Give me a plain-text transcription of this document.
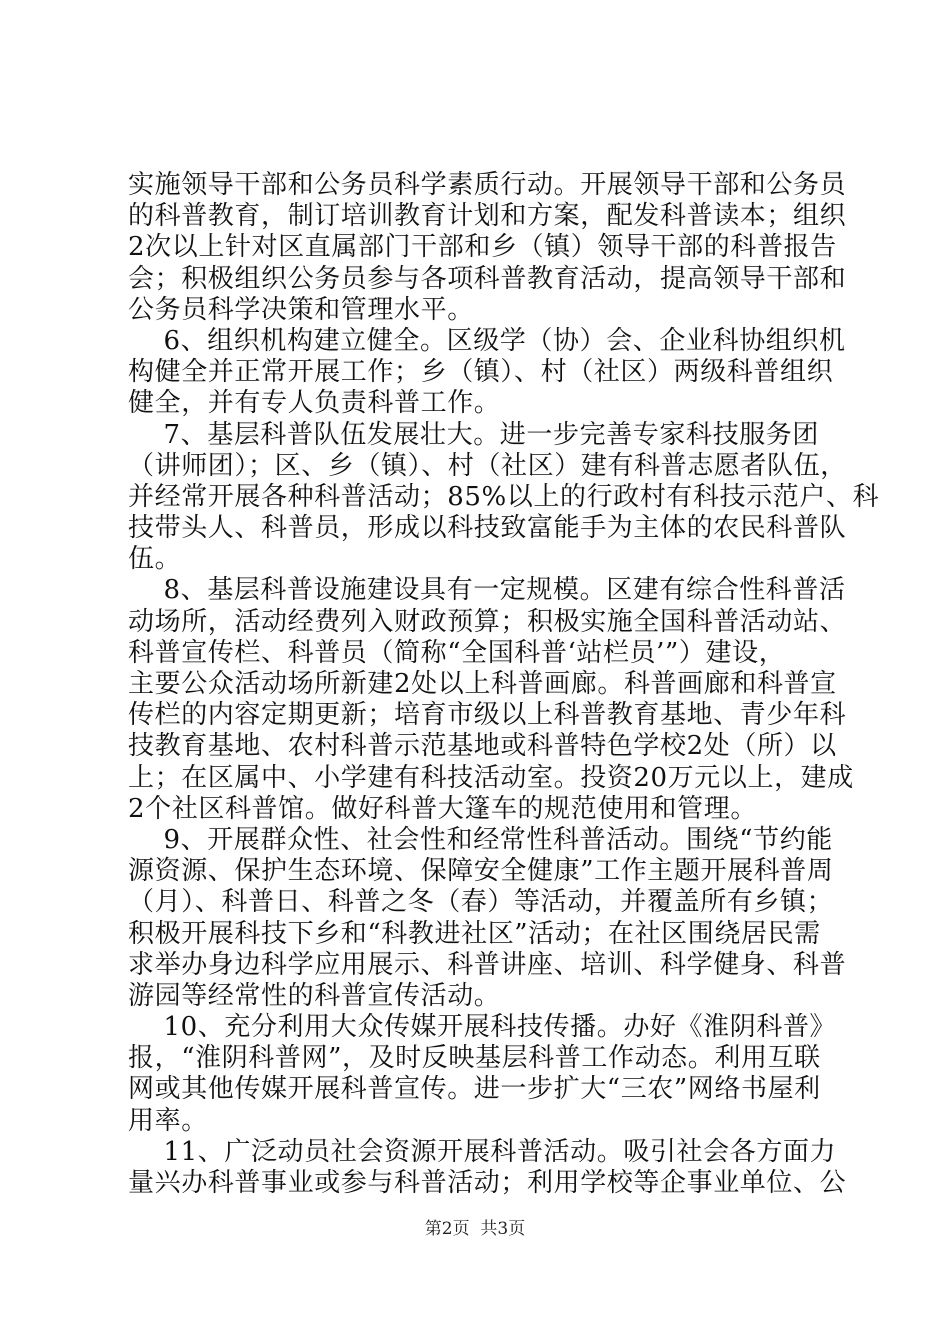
实施领导干部和公务员科学素质行动。开展领导干部和公务员
的科普教育，制订培训教育计划和方案，配发科普读本；组织
2次以上针对区直属部门干部和乡（镇）领导干部的科普报告
会；积极组织公务员参与各项科普教育活动，提高领导干部和
公务员科学决策和管理水平。
6、组织机构建立健全。区级学（协）会、企业科协组织机
构健全并正常开展工作；乡（镇）、村（社区）两级科普组织
健全，并有专人负责科普工作。
7、基层科普队伍发展壮大。进一步完善专家科技服务团
（讲师团）；区、乡（镇）、村（社区）建有科普志愿者队伍，
并经常开展各种科普活动；85%以上的行政村有科技示范户、科
技带头人、科普员，形成以科技致富能手为主体的农民科普队
伍。
8、基层科普设施建设具有一定规模。区建有综合性科普活
动场所，活动经费列入财政预算；积极实施全国科普活动站、
科普宣传栏、科普员（简称“全国科普‘站栏员’”）建设，
主要公众活动场所新建2处以上科普画廊。科普画廊和科普宣
传栏的内容定期更新；培育市级以上科普教育基地、青少年科
技教育基地、农村科普示范基地或科普特色学校2处（所）以
上；在区属中、小学建有科技活动室。投资20万元以上，建成
2个社区科普馆。做好科普大篷车的规范使用和管理。
9、开展群众性、社会性和经常性科普活动。围绕“节约能
源资源、保护生态环境、保障安全健康”工作主题开展科普周
（月）、科普日、科普之冬（春）等活动，并覆盖所有乡镇；
积极开展科技下乡和“科教进社区”活动；在社区围绕居民需
求举办身边科学应用展示、科普讲座、培训、科学健身、科普
游园等经常性的科普宣传活动。
10、充分利用大众传媒开展科技传播。办好《淮阴科普》
报，“淮阴科普网”，及时反映基层科普工作动态。利用互联
网或其他传媒开展科普宣传。进一步扩大“三农”网络书屋利
用率。
11、广泛动员社会资源开展科普活动。吸引社会各方面力
量兴办科普事业或参与科普活动；利用学校等企事业单位、公
第2页  共3页
